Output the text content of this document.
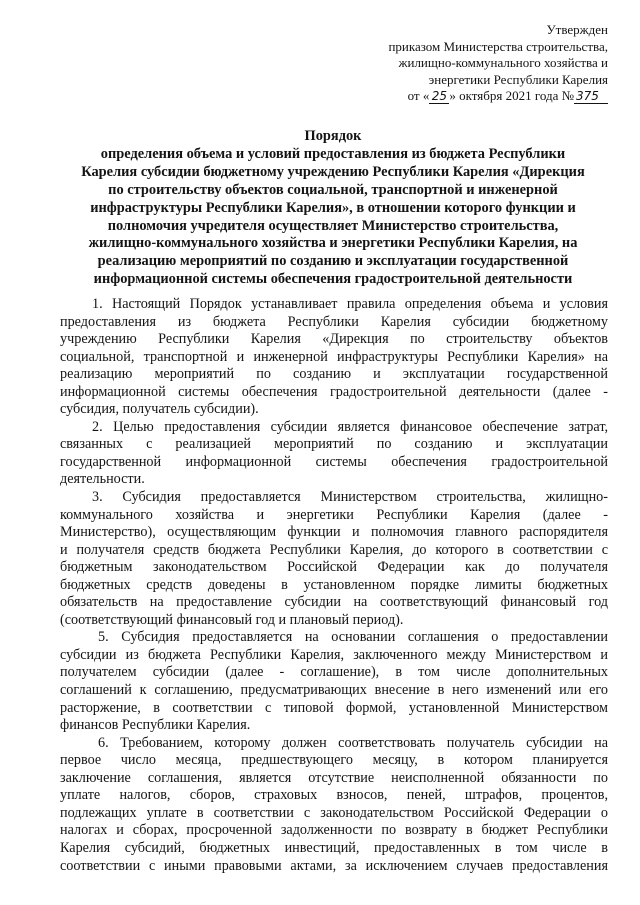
Утвержден
приказом Министерства строительства,
жилищно-коммунального хозяйства и
энергетики Республики Карелия
от « 25 » октября 2021 года № 375
Порядок
определения объема и условий предоставления из бюджета Республики
Карелия субсидии бюджетному учреждению Республики Карелия «Дирекция
по строительству объектов социальной, транспортной и инженерной
инфраструктуры Республики Карелия», в отношении которого функции и
полномочия учредителя осуществляет Министерство строительства,
жилищно-коммунального хозяйства и энергетики Республики Карелия, на
реализацию мероприятий по созданию и эксплуатации государственной
информационной системы обеспечения градостроительной деятельности
1. Настоящий Порядок устанавливает правила определения объема и условия
предоставления из бюджета Республики Карелия субсидии бюджетному
учреждению Республики Карелия «Дирекция по строительству объектов
социальной, транспортной и инженерной инфраструктуры Республики Карелия» на
реализацию мероприятий по созданию и эксплуатации государственной
информационной системы обеспечения градостроительной деятельности (далее -
субсидия, получатель субсидии).
2. Целью предоставления субсидии является финансовое обеспечение затрат,
связанных с реализацией мероприятий по созданию и эксплуатации
государственной информационной системы обеспечения градостроительной
деятельности.
3. Субсидия предоставляется Министерством строительства, жилищно-
коммунального хозяйства и энергетики Республики Карелия (далее -
Министерство), осуществляющим функции и полномочия главного распорядителя
и получателя средств бюджета Республики Карелия, до которого в соответствии с
бюджетным законодательством Российской Федерации как до получателя
бюджетных средств доведены в установленном порядке лимиты бюджетных
обязательств на предоставление субсидии на соответствующий финансовый год
(соответствующий финансовый год и плановый период).
5. Субсидия предоставляется на основании соглашения о предоставлении
субсидии из бюджета Республики Карелия, заключенного между Министерством и
получателем субсидии (далее - соглашение), в том числе дополнительных
соглашений к соглашению, предусматривающих внесение в него изменений или его
расторжение, в соответствии с типовой формой, установленной Министерством
финансов Республики Карелия.
6. Требованием, которому должен соответствовать получатель субсидии на
первое число месяца, предшествующего месяцу, в котором планируется
заключение соглашения, является отсутствие неисполненной обязанности по
уплате налогов, сборов, страховых взносов, пеней, штрафов, процентов,
подлежащих уплате в соответствии с законодательством Российской Федерации о
налогах и сборах, просроченной задолженности по возврату в бюджет Республики
Карелия субсидий, бюджетных инвестиций, предоставленных в том числе в
соответствии с иными правовыми актами, за исключением случаев предоставления
